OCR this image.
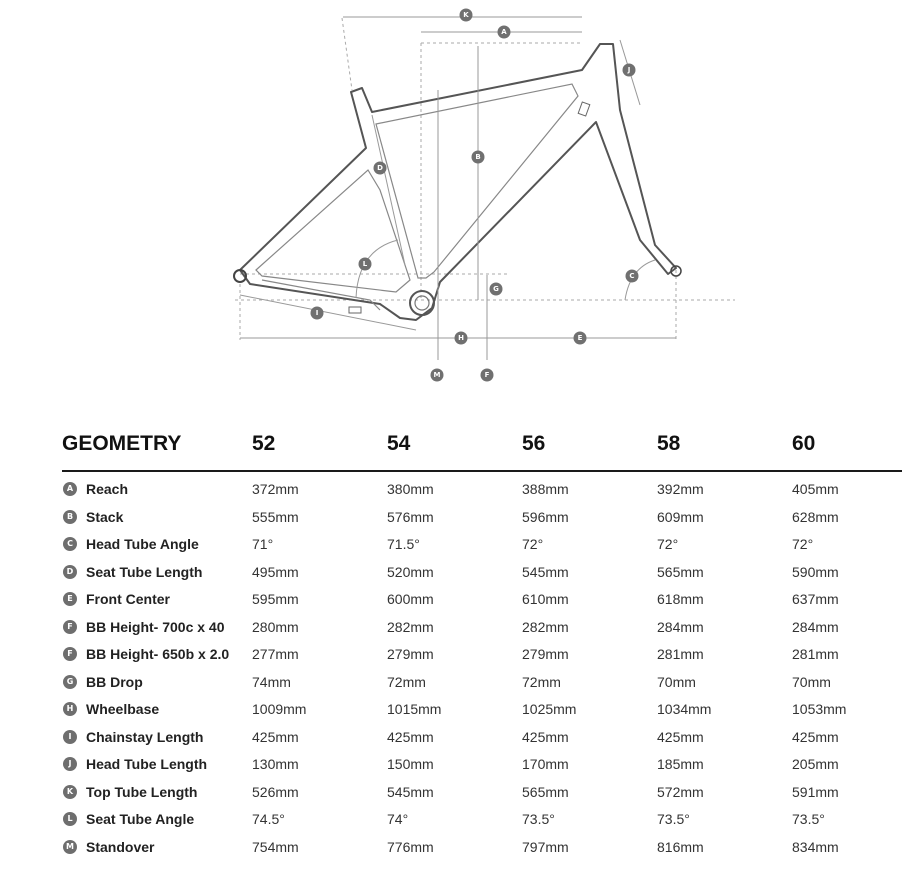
K
A
J
B
D
L
C
G
I
H	E
M	F
GEOMETRY	52	54	56	58	60
A Reach	372mm	380mm	388mm	392mm	405mm
B Stack	555mm	576mm	596mm	609mm	628mm
C Head Tube Angle	71°	71.5°	72°	72°	72°
D Seat Tube Length	495mm	520mm	545mm	565mm	590mm
E Front Center	595mm	600mm	610mm	618mm	637mm
F BB Height- 700c x 40 280mm	282mm	282mm	284mm	284mm
F BB Height- 650b x 2.0 277mm	279mm	279mm	281mm	281mm
G BB Drop	74mm	72mm	72mm	70mm	70mm
H Wheelbase	1009mm	1015mm	1025mm	1034mm	1053mm
I	Chainstay Length	425mm	425mm	425mm	425mm	425mm
J	Head Tube Length	130mm	150mm	170mm	185mm	205mm
K Top Tube Length	526mm	545mm	565mm	572mm	591mm
L Seat Tube Angle	74.5°	74°	73.5°	73.5°	73.5°
M Standover	754mm	776mm	797mm	816mm	834mm
